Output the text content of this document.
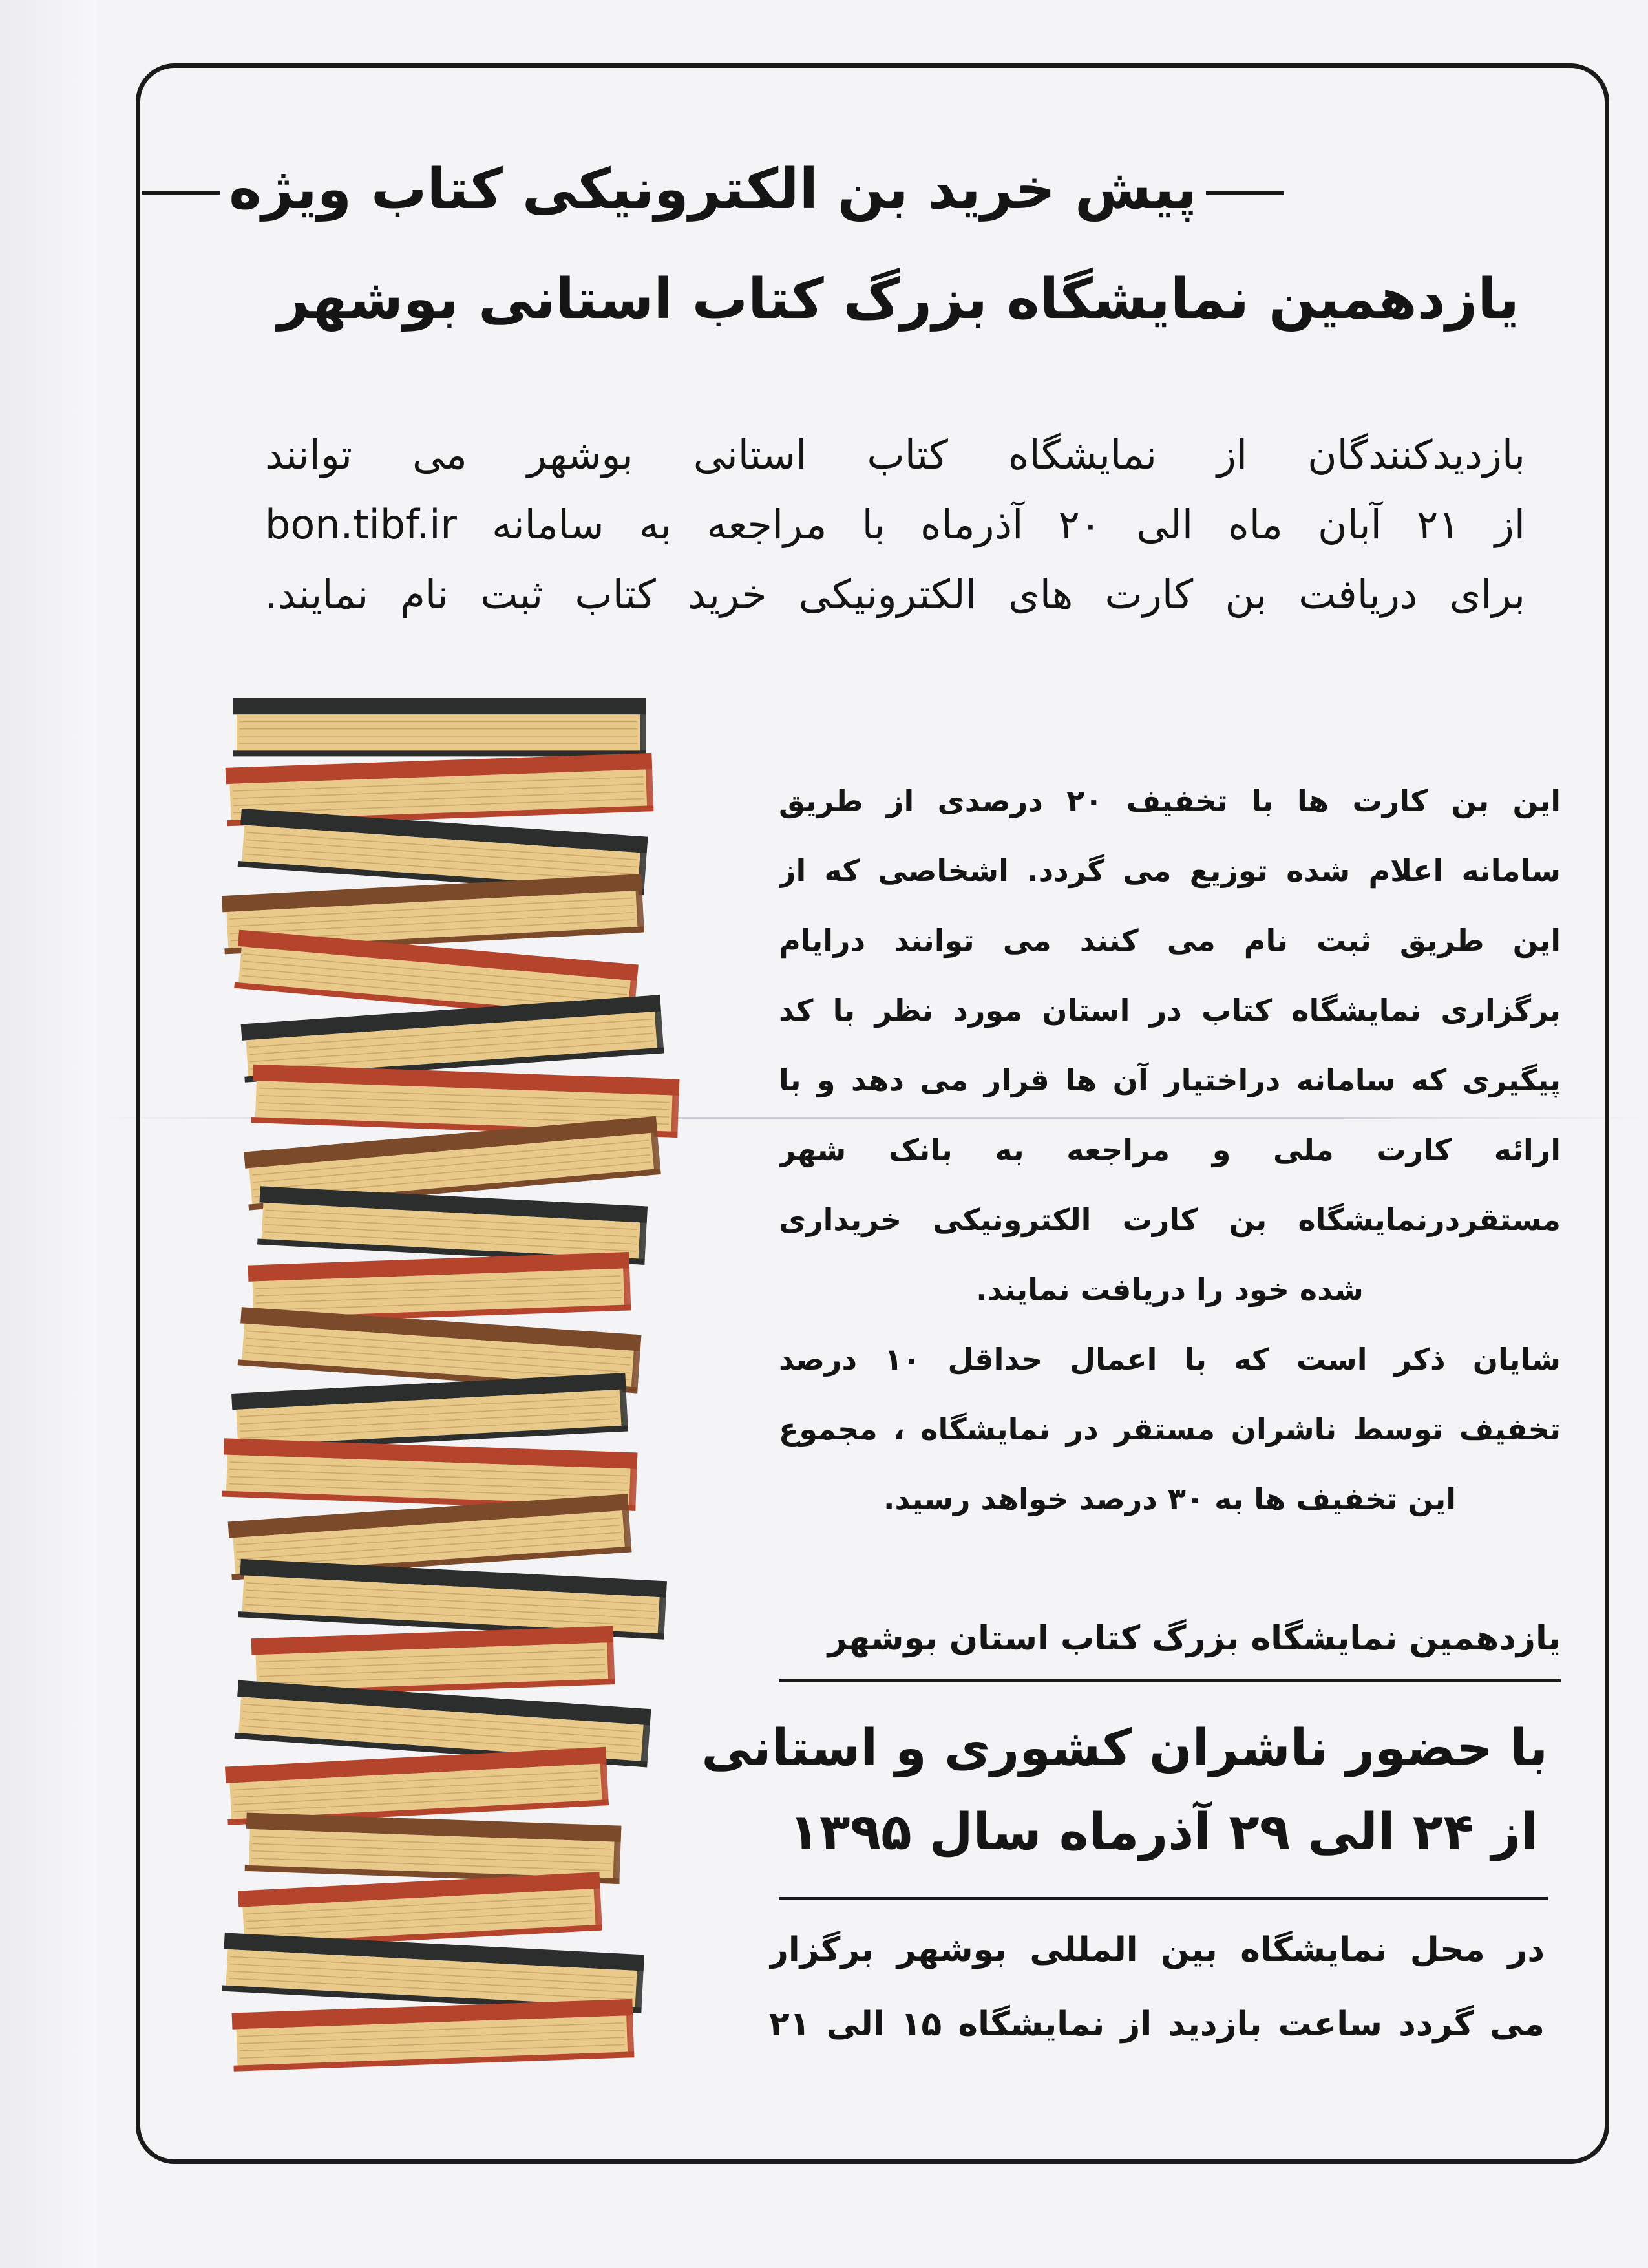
پیش خرید بن الکترونیکی کتاب ویژه
یازدهمین نمایشگاه بزرگ کتاب استانی بوشهر
بازدیدکنندگان از نمایشگاه کتاب استانی بوشهر می توانند
از ۲۱ آبان ماه الی ۲۰ آذرماه با مراجعه به سامانه bon.tibf.ir
برای دریافت بن کارت های الکترونیکی خرید کتاب ثبت نام نمایند.
این بن کارت ها با تخفیف ۲۰ درصدی از طریق
سامانه اعلام شده توزیع می گردد. اشخاصی که از
این طریق ثبت نام می کنند می توانند درایام
برگزاری نمایشگاه کتاب در استان مورد نظر با کد
پیگیری که سامانه دراختیار آن ها قرار می دهد و با
ارائه کارت ملی و مراجعه به بانک شهر
مستقردرنمایشگاه بن کارت الکترونیکی خریداری
شده خود را دریافت نمایند.
شایان ذکر است که با اعمال حداقل ۱۰ درصد
تخفیف توسط ناشران مستقر در نمایشگاه ، مجموع
این تخفیف ها به ۳۰ درصد خواهد رسید.
یازدهمین نمایشگاه بزرگ کتاب استان بوشهر
با حضور ناشران کشوری و استانی
از ۲۴ الی ۲۹ آذرماه سال ۱۳۹۵
در محل نمایشگاه بین المللی بوشهر برگزار
می گردد ساعت بازدید از نمایشگاه ۱۵ الی ۲۱
